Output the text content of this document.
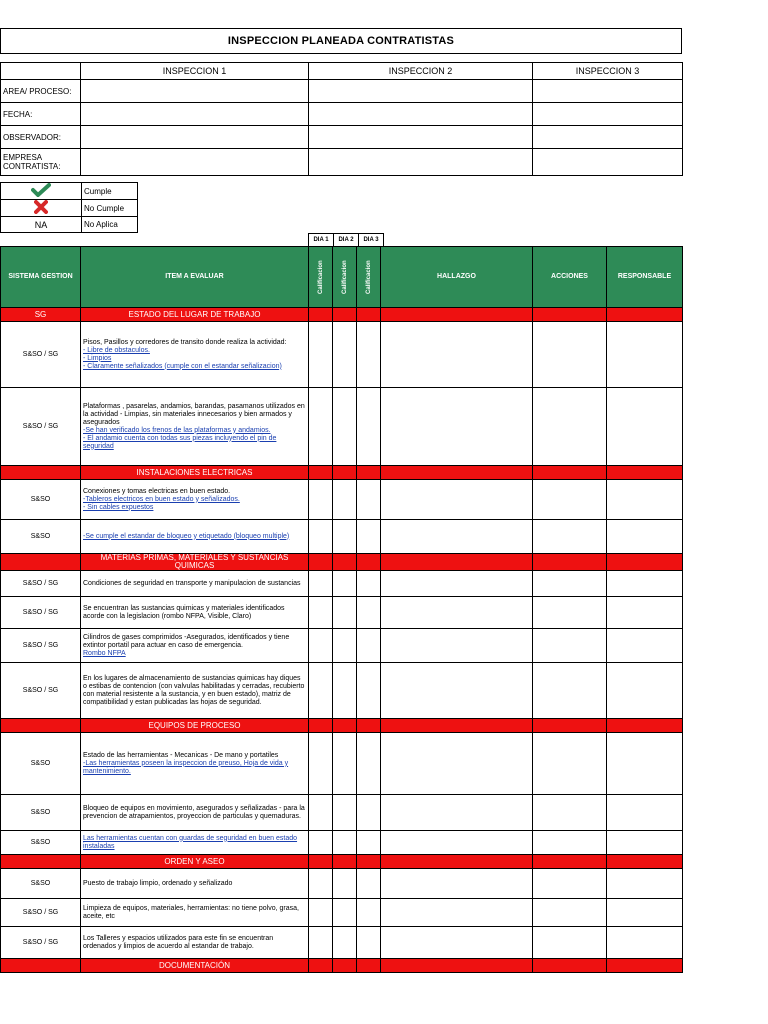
INSPECCION PLANEADA CONTRATISTAS
	INSPECCION 1	INSPECCION 2	INSPECCION 3
AREA/ PROCESO:			
FECHA:			
OBSERVADOR:			
EMPRESA CONTRATISTA:			
	Cumple
	No Cumple
NA	No Aplica
DIA 1	DIA 2	DIA 3
SISTEMA GESTION	ITEM A EVALUAR	Calificacion	Calificacion	Calificacion	HALLAZGO	ACCIONES	RESPONSABLE
SG	ESTADO DEL LUGAR DE TRABAJO						
S&SO / SG	Pisos, Pasillos y corredores de transito donde realiza la actividad:
- Libre de obstaculos.
- Limpios
- Claramente señalizados (cumple con el estandar señalizacion)						

S&SO / SG	Plataformas , pasarelas, andamios, barandas, pasamanos utilizados en la actividad - Limpias, sin materiales innecesarios y bien armados y asegurados
-Se han verificado los frenos de las plataformas y andamios.
- El andamio cuenta con todas sus piezas incluyendo el pin de seguridad						

	INSTALACIONES ELECTRICAS						
S&SO	Conexiones y tomas electricas en buen estado.
-Tableros electricos en buen estado y señalizados.
- Sin cables expuestos						

S&SO	-Se cumple el estandar de bloqueo y etiquetado (bloqueo multiple)						

	MATERIAS PRIMAS, MATERIALES Y SUSTANCIAS QUIMICAS						
S&SO / SG	Condiciones de seguridad en transporte y manipulacion de sustancias						

S&SO / SG	Se encuentran las sustancias quimicas y materiales identificados acorde con la legislacion (rombo NFPA, Visible, Claro)						

S&SO / SG	Cilindros de gases comprimidos -Asegurados, identificados y tiene extintor portatil para actuar en caso de emergencia.
Rombo NFPA						

S&SO / SG	En los lugares de almacenamiento de sustancias quimicas hay diques o estibas de contencion (con valvulas habilitadas y cerradas, recubierto con material resistente a la sustancia, y en buen estado), matriz de compatibilidad y estan publicadas las hojas de seguridad.						

	EQUIPOS DE PROCESO						
S&SO	Estado de las herramientas - Mecanicas - De mano y portatiles
-Las herramientas poseen la inspeccion de preuso, Hoja de vida y mantenimiento.						

S&SO	Bloqueo de equipos en movimiento, asegurados y señalizadas - para la prevencion de atrapamientos, proyeccion de particulas y quemaduras.						

S&SO	Las herramientas cuentan con guardas de seguridad en buen estado instaladas						

	ORDEN Y ASEO						
S&SO	Puesto de trabajo limpio, ordenado y señalizado						

S&SO / SG	Limpieza de equipos, materiales, herramientas: no tiene polvo, grasa, aceite, etc						

S&SO / SG	Los Talleres y espacios utilizados para este fin se encuentran ordenados y limpios de acuerdo al estandar de trabajo.						

	DOCUMENTACIÓN						
